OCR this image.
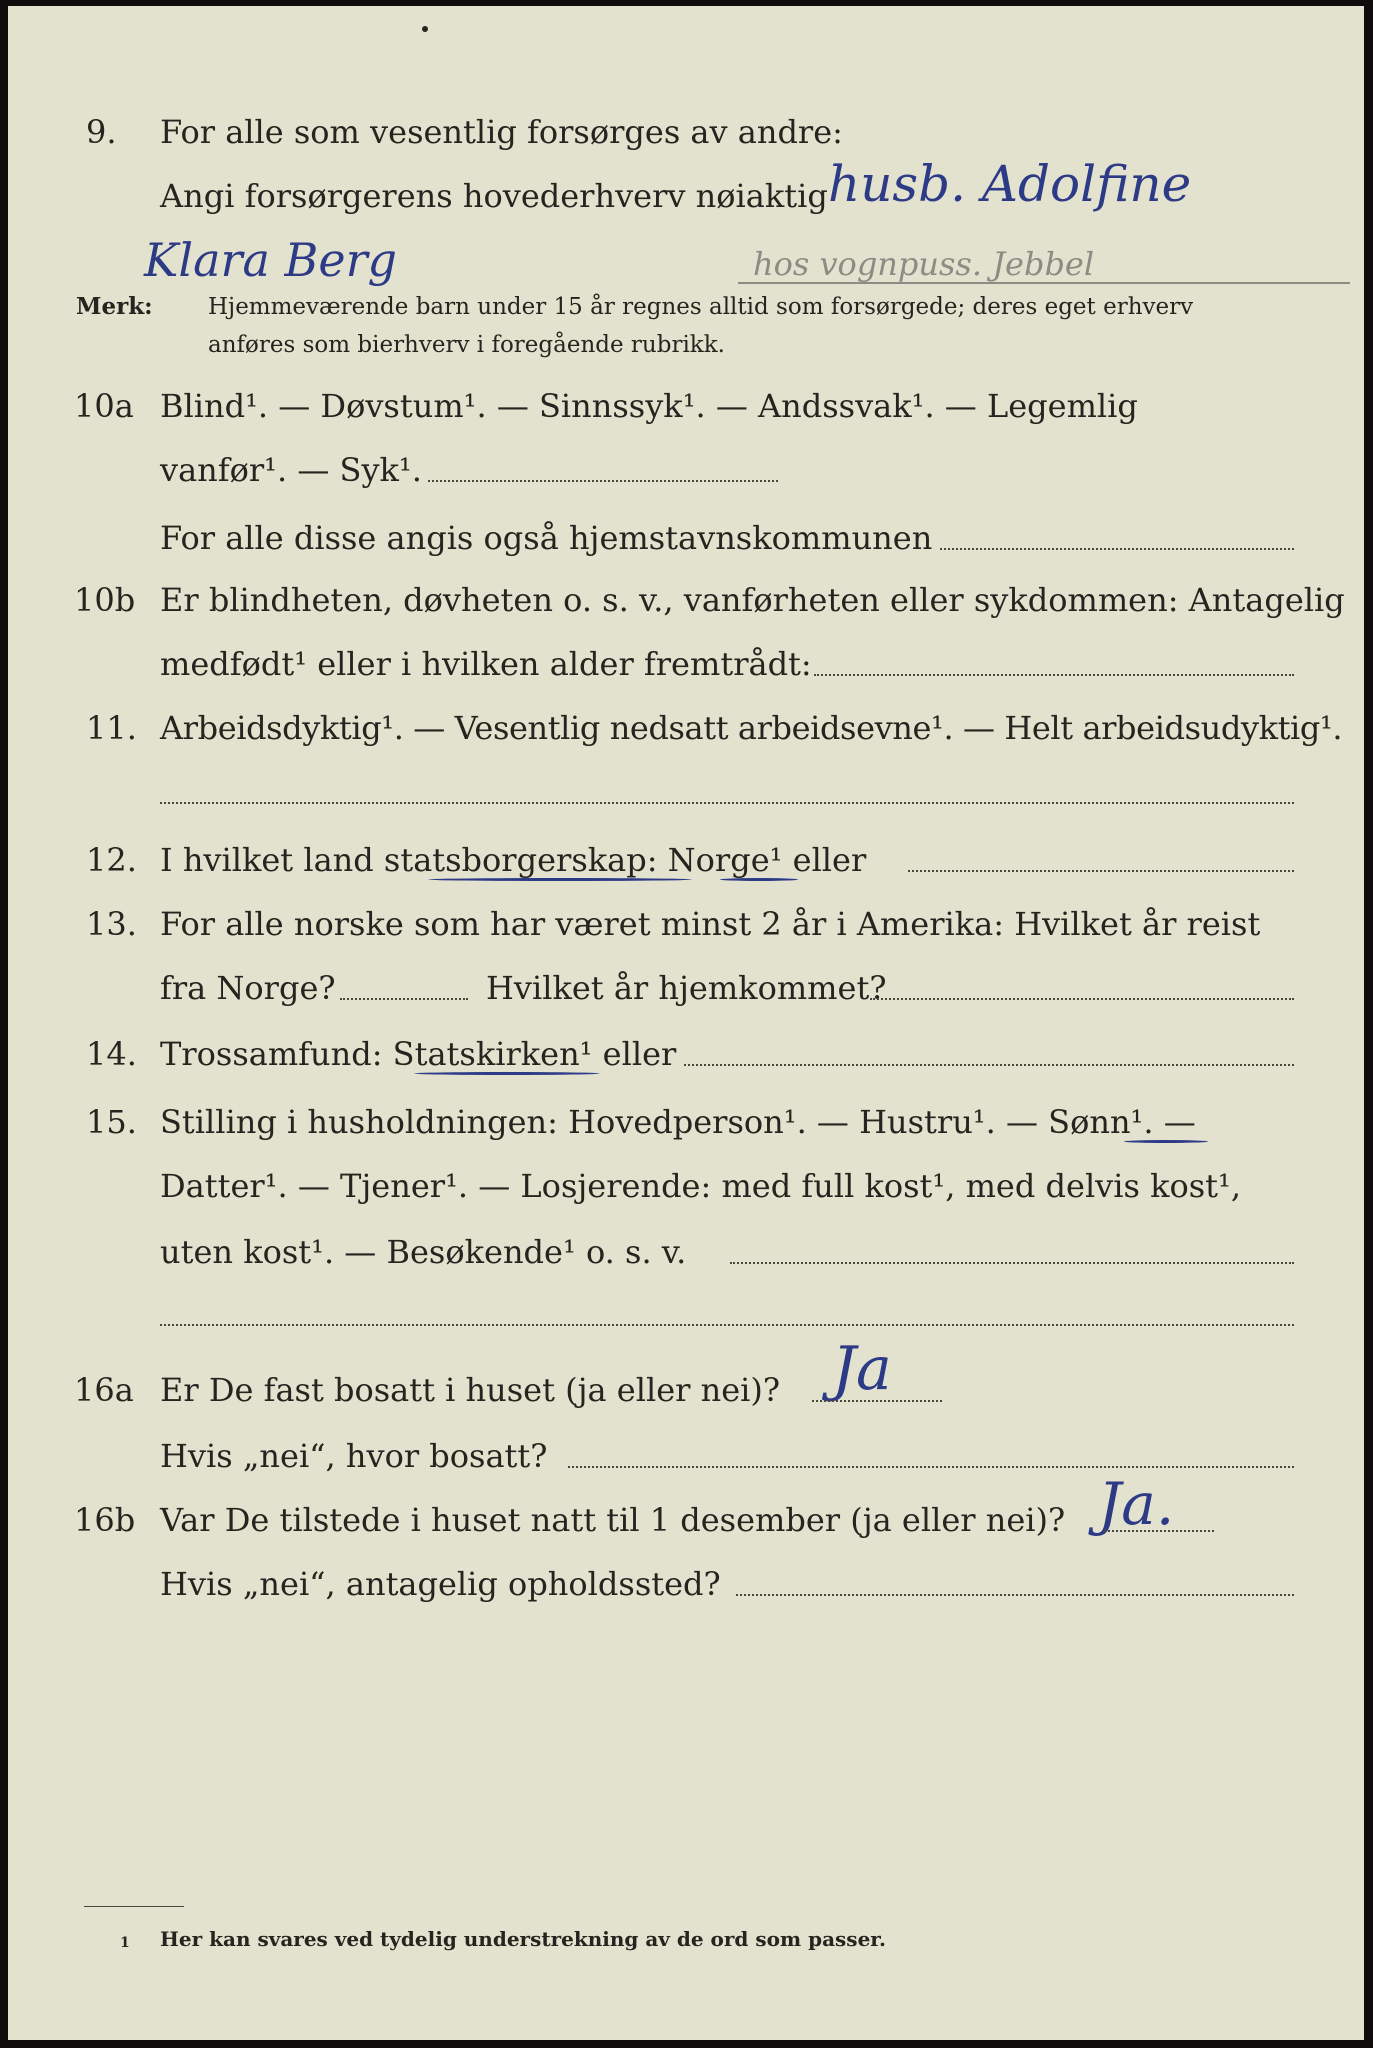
9. For alle som vesentlig forsørges av andre:
Angi forsørgerens hovederhverv nøiaktig husb. Adolfine
Klara Berg	hos vognpuss. Jebbel
Merk: Hjemmeværende barn under 15 år regnes alltid som forsørgede; deres eget erhverv
anføres som bierhverv i foregående rubrikk.
10a Blind¹. — Døvstum¹. — Sinnssyk¹. — Andssvak¹. — Legemlig
vanfør¹. — Syk¹.
For alle disse angis også hjemstavnskommunen
10b Er blindheten, døvheten o. s. v., vanførheten eller sykdommen: Antagelig
medfødt¹ eller i hvilken alder fremtrådt:
11. Arbeidsdyktig¹. — Vesentlig nedsatt arbeidsevne¹. — Helt arbeidsudyktig¹.
12. I hvilket land statsborgerskap: Norge¹ eller
13. For alle norske som har været minst 2 år i Amerika: Hvilket år reist
fra Norge?	Hvilket år hjemkommet?
14. Trossamfund: Statskirken¹ eller
15. Stilling i husholdningen: Hovedperson¹. — Hustru¹. — Sønn¹. —
Datter¹. — Tjener¹. — Losjerende: med full kost¹, med delvis kost¹,
uten kost¹. — Besøkende¹ o. s. v.
16a Er De fast bosatt i huset (ja eller nei)? Ja
Hvis „nei“, hvor bosatt?
16b Var De tilstede i huset natt til 1 desember (ja eller nei)? Ja.
Hvis „nei“, antagelig opholdssted?
1 Her kan svares ved tydelig understrekning av de ord som passer.
